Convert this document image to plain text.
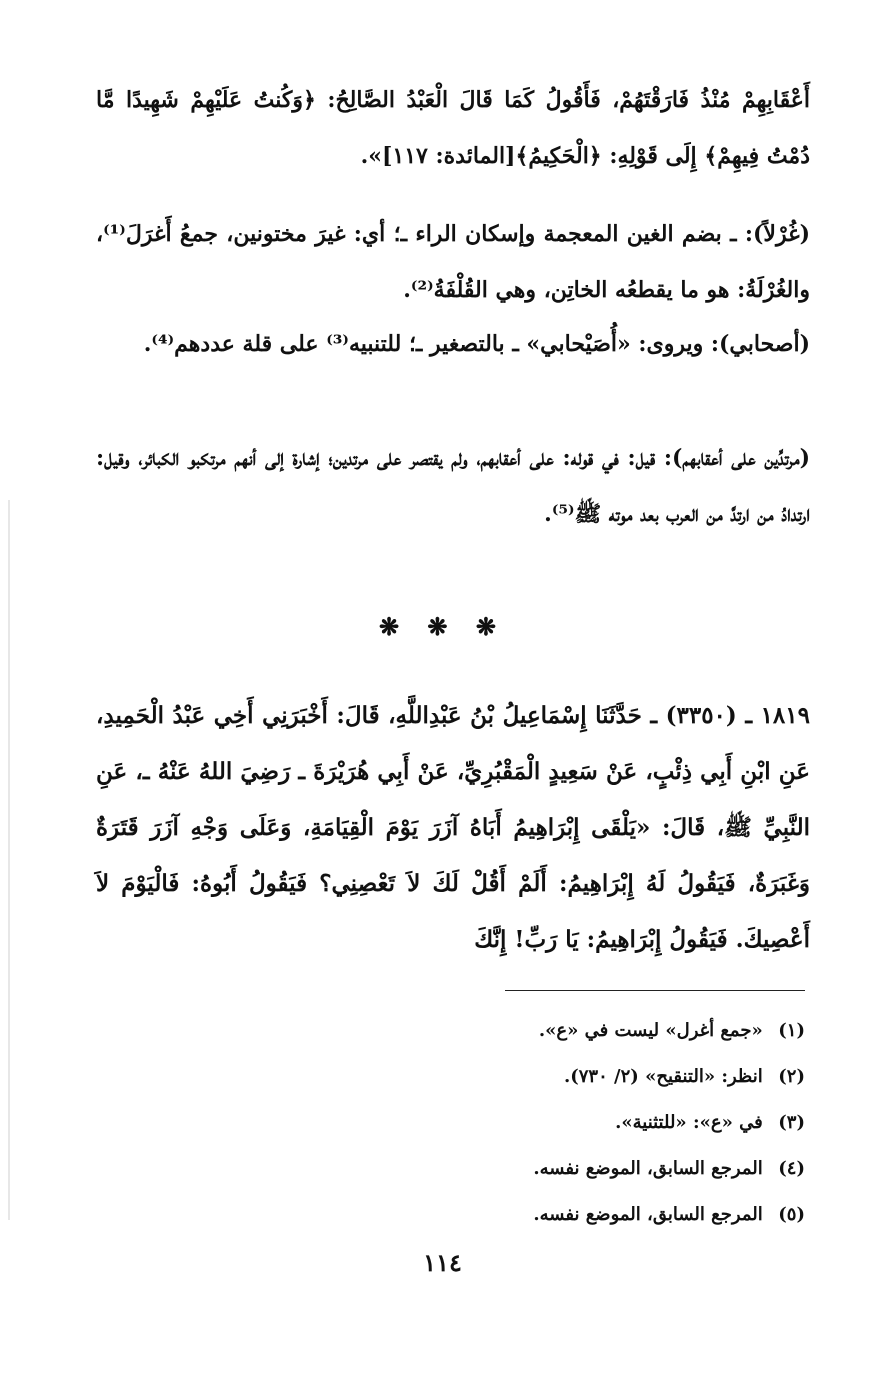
أَعْقَابِهِمْ مُنْذُ فَارَقْتَهُمْ، فَأَقُولُ كَمَا قَالَ الْعَبْدُ الصَّالِحُ: ﴿وَكُنتُ عَلَيْهِمْ شَهِيدًا مَّا دُمْتُ فِيهِمْ﴾ إِلَى قَوْلِهِ: ﴿الْحَكِيمُ﴾[المائدة: ١١٧]».

(غُرْلاً): ـ بضم الغين المعجمة وإسكان الراء ـ؛ أي: غيرَ مختونين، جمعُ أَغرَلَ⁽¹⁾، والغُرْلَةُ: هو ما يقطعُه الخاتِن، وهي القُلْفَةُ⁽²⁾.

(أصحابي): ويروى: «أُصَيْحابي» ـ بالتصغير ـ؛ للتنبيه⁽³⁾ على قلة عددهم⁽⁴⁾.

(مرتدِّين على أعقابهم): قيل: في قوله: على أعقابهم، ولم يقتصر على مرتدين؛ إشارة إلى أنهم مرتكبو الكبائر، وقيل: ارتدادُ من ارتدَّ من العرب بعد موته ﷺ⁽⁵⁾.

❋ ❋ ❋

١٨١٩ ـ (٣٣٥٠) ـ حَدَّثَنَا إِسْمَاعِيلُ بْنُ عَبْدِاللَّهِ، قَالَ: أَخْبَرَنِي أَخِي عَبْدُ الْحَمِيدِ، عَنِ ابْنِ أَبِي ذِئْبٍ، عَنْ سَعِيدٍ الْمَقْبُرِيِّ، عَنْ أَبِي هُرَيْرَةَ ـ رَضِيَ اللهُ عَنْهُ ـ، عَنِ النَّبِيِّ ﷺ، قَالَ: «يَلْقَى إِبْرَاهِيمُ أَبَاهُ آزَرَ يَوْمَ الْقِيَامَةِ، وَعَلَى وَجْهِ آزَرَ قَتَرَةٌ وَغَبَرَةٌ، فَيَقُولُ لَهُ إِبْرَاهِيمُ: أَلَمْ أَقُلْ لَكَ لاَ تَعْصِنِي؟ فَيَقُولُ أَبُوهُ: فَالْيَوْمَ لاَ أَعْصِيكَ. فَيَقُولُ إِبْرَاهِيمُ: يَا رَبِّ! إِنَّكَ

(١) «جمع أغرل» ليست في «ع».
(٢) انظر: «التنقيح» (٢/ ٧٣٠).
(٣) في «ع»: «للتثنية».
(٤) المرجع السابق، الموضع نفسه.
(٥) المرجع السابق، الموضع نفسه.
١١٤
